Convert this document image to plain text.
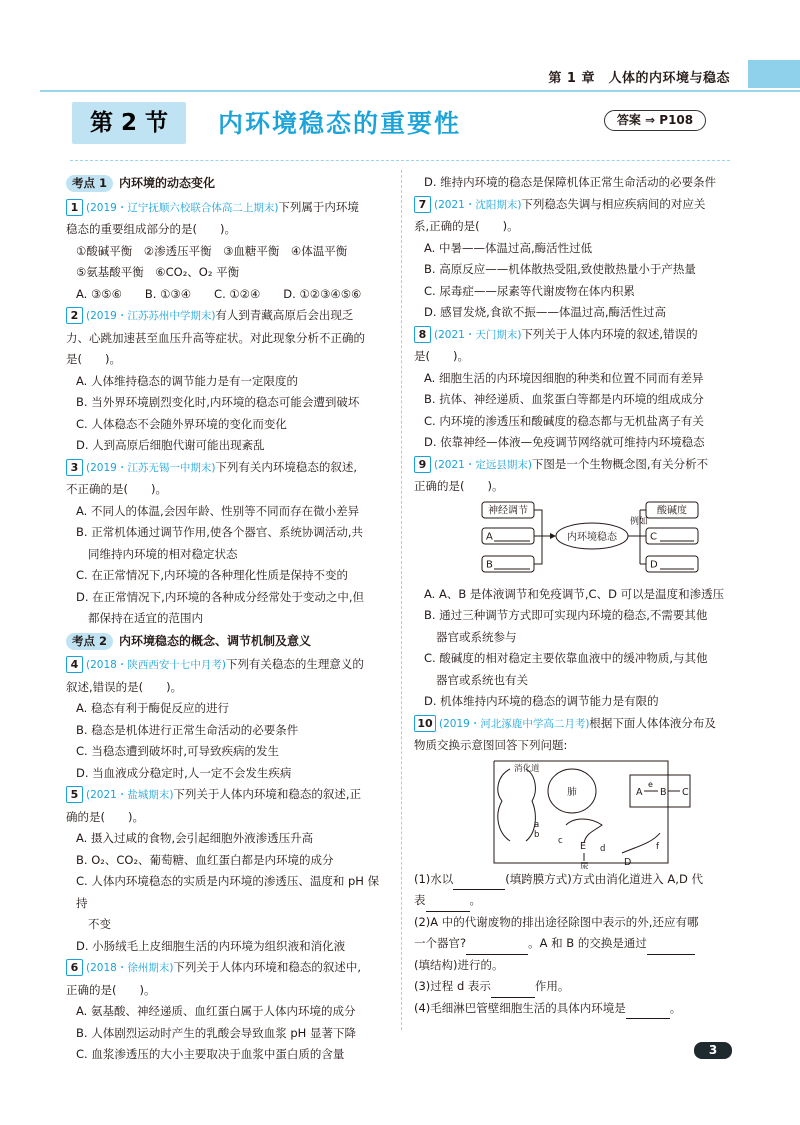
第 1 章　人体的内环境与稳态
第 2 节	内环境稳态的重要性	答案 ⇒ P108
考点 1	内环境的动态变化
1 (2019・辽宁抚顺六校联合体高二上期末)下列属于内环境
稳态的重要组成部分的是(　　)。
①酸碱平衡　②渗透压平衡　③血糖平衡　④体温平衡
⑤氨基酸平衡　⑥CO₂、O₂ 平衡
A. ③⑤⑥　　B. ①③④　　C. ①②④　　D. ①②③④⑤⑥
2 (2019・江苏苏州中学期末)有人到青藏高原后会出现乏
力、心跳加速甚至血压升高等症状。对此现象分析不正确的
是(　　)。
A. 人体维持稳态的调节能力是有一定限度的
B. 当外界环境剧烈变化时,内环境的稳态可能会遭到破坏
C. 人体稳态不会随外界环境的变化而变化
D. 人到高原后细胞代谢可能出现紊乱
3 (2019・江苏无锡一中期末)下列有关内环境稳态的叙述,
不正确的是(　　)。
A. 不同人的体温,会因年龄、性别等不同而存在微小差异
B. 正常机体通过调节作用,使各个器官、系统协调活动,共
同维持内环境的相对稳定状态
C. 在正常情况下,内环境的各种理化性质是保持不变的
D. 在正常情况下,内环境的各种成分经常处于变动之中,但
都保持在适宜的范围内
考点 2	内环境稳态的概念、调节机制及意义
4 (2018・陕西西安十七中月考)下列有关稳态的生理意义的
叙述,错误的是(　　)。
A. 稳态有利于酶促反应的进行
B. 稳态是机体进行正常生命活动的必要条件
C. 当稳态遭到破坏时,可导致疾病的发生
D. 当血液成分稳定时,人一定不会发生疾病
5 (2021・盐城期末)下列关于人体内环境和稳态的叙述,正
确的是(　　)。
A. 摄入过咸的食物,会引起细胞外液渗透压升高
B. O₂、CO₂、葡萄糖、血红蛋白都是内环境的成分
C. 人体内环境稳态的实质是内环境的渗透压、温度和 pH 保持
不变
D. 小肠绒毛上皮细胞生活的内环境为组织液和消化液
6 (2018・徐州期末)下列关于人体内环境和稳态的叙述中,
正确的是(　　)。
A. 氨基酸、神经递质、血红蛋白属于人体内环境的成分
B. 人体剧烈运动时产生的乳酸会导致血浆 pH 显著下降
C. 血浆渗透压的大小主要取决于血浆中蛋白质的含量
D. 维持内环境的稳态是保障机体正常生命活动的必要条件
7 (2021・沈阳期末)下列稳态失调与相应疾病间的对应关
系,正确的是(　　)。
A. 中暑——体温过高,酶活性过低
B. 高原反应——机体散热受阻,致使散热量小于产热量
C. 尿毒症——尿素等代谢废物在体内积累
D. 感冒发烧,食欲不振——体温过高,酶活性过高
8 (2021・天门期末)下列关于人体内环境的叙述,错误的
是(　　)。
A. 细胞生活的内环境因细胞的种类和位置不同而有差异
B. 抗体、神经递质、血浆蛋白等都是内环境的组成成分
C. 内环境的渗透压和酸碱度的稳态都与无机盐离子有关
D. 依靠神经—体液—免疫调节网络就可维持内环境稳态
9 (2021・定远县期末)下图是一个生物概念图,有关分析不
正确的是(　　)。
神经调节
A
B
内环境稳态
例如
酸碱度
C
D
A. A、B 是体液调节和免疫调节,C、D 可以是温度和渗透压
B. 通过三种调节方式即可实现内环境的稳态,不需要其他
器官或系统参与
C. 酸碱度的相对稳定主要依靠血液中的缓冲物质,与其他
器官或系统也有关
D. 机体维持内环境的稳态的调节能力是有限的
10 (2019・河北涿鹿中学高二月考)根据下面人体体液分布及
物质交换示意图回答下列问题:
消化道
肺	A B C
e
a
b
c E d
尿
f
D
(1)水以	(填跨膜方式)方式由消化道进入 A,D 代
表	。
(2)A 中的代谢废物的排出途径除图中表示的外,还应有哪
一个器官?	。A 和 B 的交换是通过
(填结构)进行的。
(3)过程 d 表示	作用。
(4)毛细淋巴管壁细胞生活的具体内环境是	。
3
